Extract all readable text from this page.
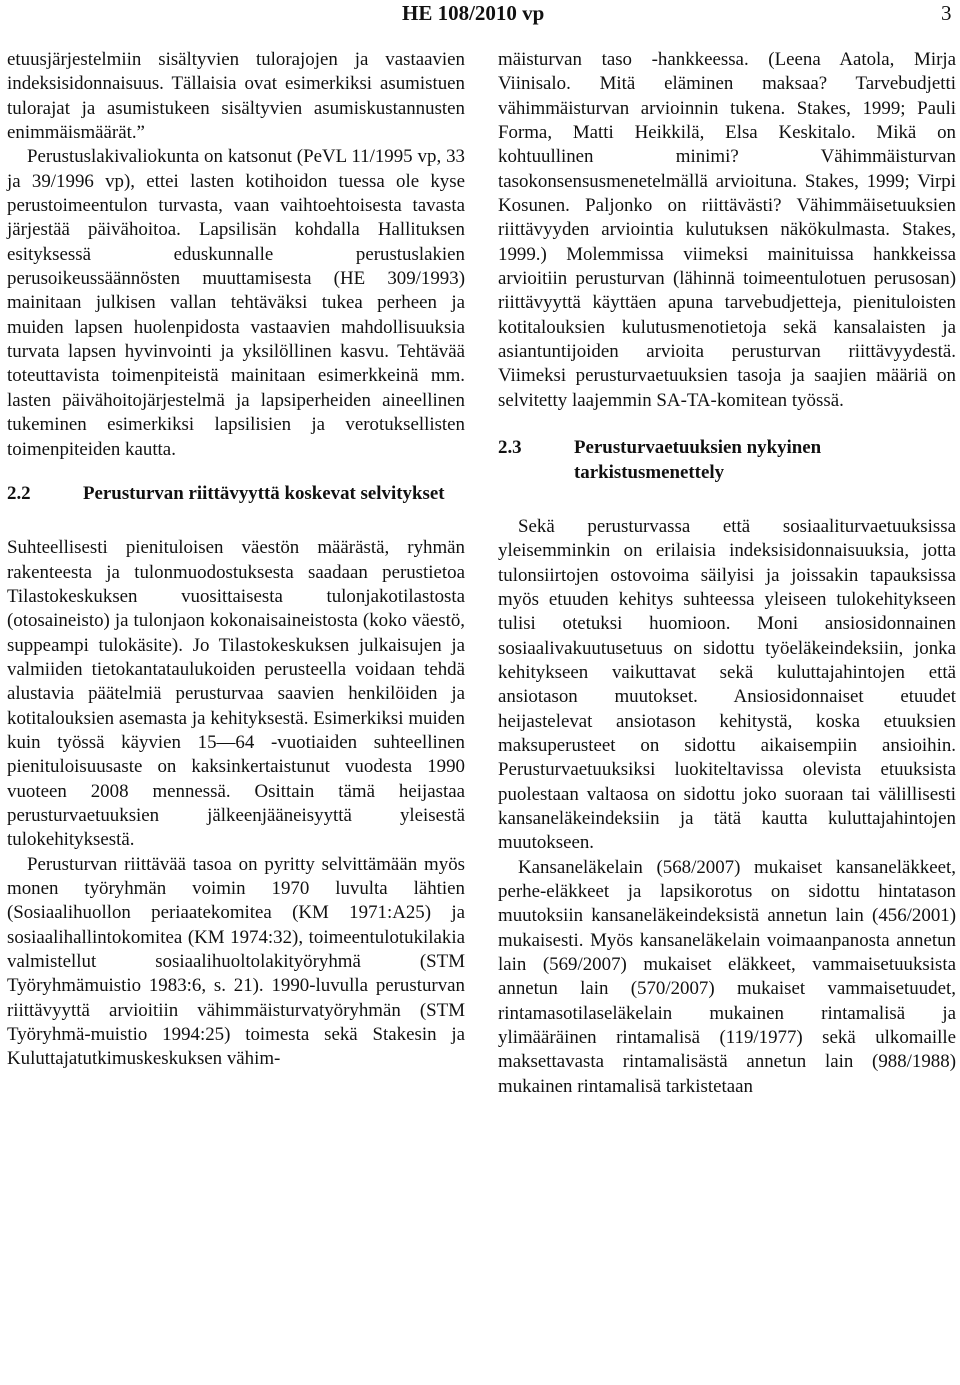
HE 108/2010 vp	3

etuusjärjestelmiin sisältyvien tulorajojen ja vastaavien indeksisidonnaisuus. Tällaisia ovat esimerkiksi asumistuen tulorajat ja asumistukeen sisältyvien asumiskustannusten enimmäismäärät.”

Perustuslakivaliokunta on katsonut (PeVL 11/1995 vp, 33 ja 39/1996 vp), ettei lasten kotihoidon tuessa ole kyse perustoimeentulon turvasta, vaan vaihtoehtoisesta tavasta järjestää päivähoitoa. Lapsilisän kohdalla Hallituksen esityksessä eduskunnalle perustuslakien perusoikeussäännösten muuttamisesta (HE 309/1993) mainitaan julkisen vallan tehtäväksi tukea perheen ja muiden lapsen huolenpidosta vastaavien mahdollisuuksia turvata lapsen hyvinvointi ja yksilöllinen kasvu. Tehtävää toteuttavista toimenpiteistä mainitaan esimerkkeinä mm. lasten päivähoitojärjestelmä ja lapsiperheiden aineellinen tukeminen esimerkiksi lapsilisien ja verotuksellisten toimenpiteiden kautta.

2.2	Perusturvan riittävyyttä koskevat selvitykset

Suhteellisesti pienituloisen väestön määrästä, ryhmän rakenteesta ja tulonmuodostuksesta saadaan perustietoa Tilastokeskuksen vuosittaisesta tulonjakotilastosta (otosaineisto) ja tulonjaon kokonaisaineistosta (koko väestö, suppeampi tulokäsite). Jo Tilastokeskuksen julkaisujen ja valmiiden tietokantataulukoiden perusteella voidaan tehdä alustavia päätelmiä perusturvaa saavien henkilöiden ja kotitalouksien asemasta ja kehityksestä. Esimerkiksi muiden kuin työssä käyvien 15—64 -vuotiaiden suhteellinen pienituloisuusaste on kaksinkertaistunut vuodesta 1990 vuoteen 2008 mennessä. Osittain tämä heijastaa perusturvaetuuksien jälkeenjääneisyyttä yleisestä tulokehityksestä.

Perusturvan riittävää tasoa on pyritty selvittämään myös monen työryhmän voimin 1970 luvulta lähtien (Sosiaalihuollon periaatekomitea (KM 1971:A25) ja sosiaalihallintokomitea (KM 1974:32), toimeentulotukilakia valmistellut sosiaalihuoltolakityöryhmä (STM Työryhmämuistio 1983:6, s. 21). 1990-luvulla perusturvan riittävyyttä arvioitiin vähimmäisturvatyöryhmän (STM Työryhmä-muistio 1994:25) toimesta sekä Stakesin ja Kuluttajatutkimuskeskuksen vähim-

mäisturvan taso -hankkeessa. (Leena Aatola, Mirja Viinisalo. Mitä eläminen maksaa? Tarvebudjetti vähimmäisturvan arvioinnin tukena. Stakes, 1999; Pauli Forma, Matti Heikkilä, Elsa Keskitalo. Mikä on kohtuullinen minimi? Vähimmäisturvan tasokonsensusmenetelmällä arvioituna. Stakes, 1999; Virpi Kosunen. Paljonko on riittävästi? Vähimmäisetuuksien riittävyyden arviointia kulutuksen näkökulmasta. Stakes, 1999.) Molemmissa viimeksi mainituissa hankkeissa arvioitiin perusturvan (lähinnä toimeentulotuen perusosan) riittävyyttä käyttäen apuna tarvebudjetteja, pienituloisten kotitalouksien kulutusmenotietoja sekä kansalaisten ja asiantuntijoiden arvioita perusturvan riittävyydestä. Viimeksi perusturvaetuuksien tasoja ja saajien määriä on selvitetty laajemmin SA-TA-komitean työssä.

2.3	Perusturvaetuuksien nykyinen tarkistusmenettely

Sekä perusturvassa että sosiaaliturvaetuuksissa yleisemminkin on erilaisia indeksisidonnaisuuksia, jotta tulonsiirtojen ostovoima säilyisi ja joissakin tapauksissa myös etuuden kehitys suhteessa yleiseen tulokehitykseen tulisi otetuksi huomioon. Moni ansiosidonnainen sosiaalivakuutusetuus on sidottu työeläkeindeksiin, jonka kehitykseen vaikuttavat sekä kuluttajahintojen että ansiotason muutokset. Ansiosidonnaiset etuudet heijastelevat ansiotason kehitystä, koska etuuksien maksuperusteet on sidottu aikaisempiin ansioihin. Perusturvaetuuksiksi luokiteltavissa olevista etuuksista puolestaan valtaosa on sidottu joko suoraan tai välillisesti kansaneläkeindeksiin ja tätä kautta kuluttajahintojen muutokseen.

Kansaneläkelain (568/2007) mukaiset kansaneläkkeet, perhe-eläkkeet ja lapsikorotus on sidottu hintatason muutoksiin kansaneläkeindeksistä annetun lain (456/2001) mukaisesti. Myös kansaneläkelain voimaanpanosta annetun lain (569/2007) mukaiset eläkkeet, vammaisetuuksista annetun lain (570/2007) mukaiset vammaisetuudet, rintamasotilaseläkelain mukainen rintamalisä ja ylimääräinen rintamalisä (119/1977) sekä ulkomaille maksettavasta rintamalisästä annetun lain (988/1988) mukainen rintamalisä tarkistetaan
